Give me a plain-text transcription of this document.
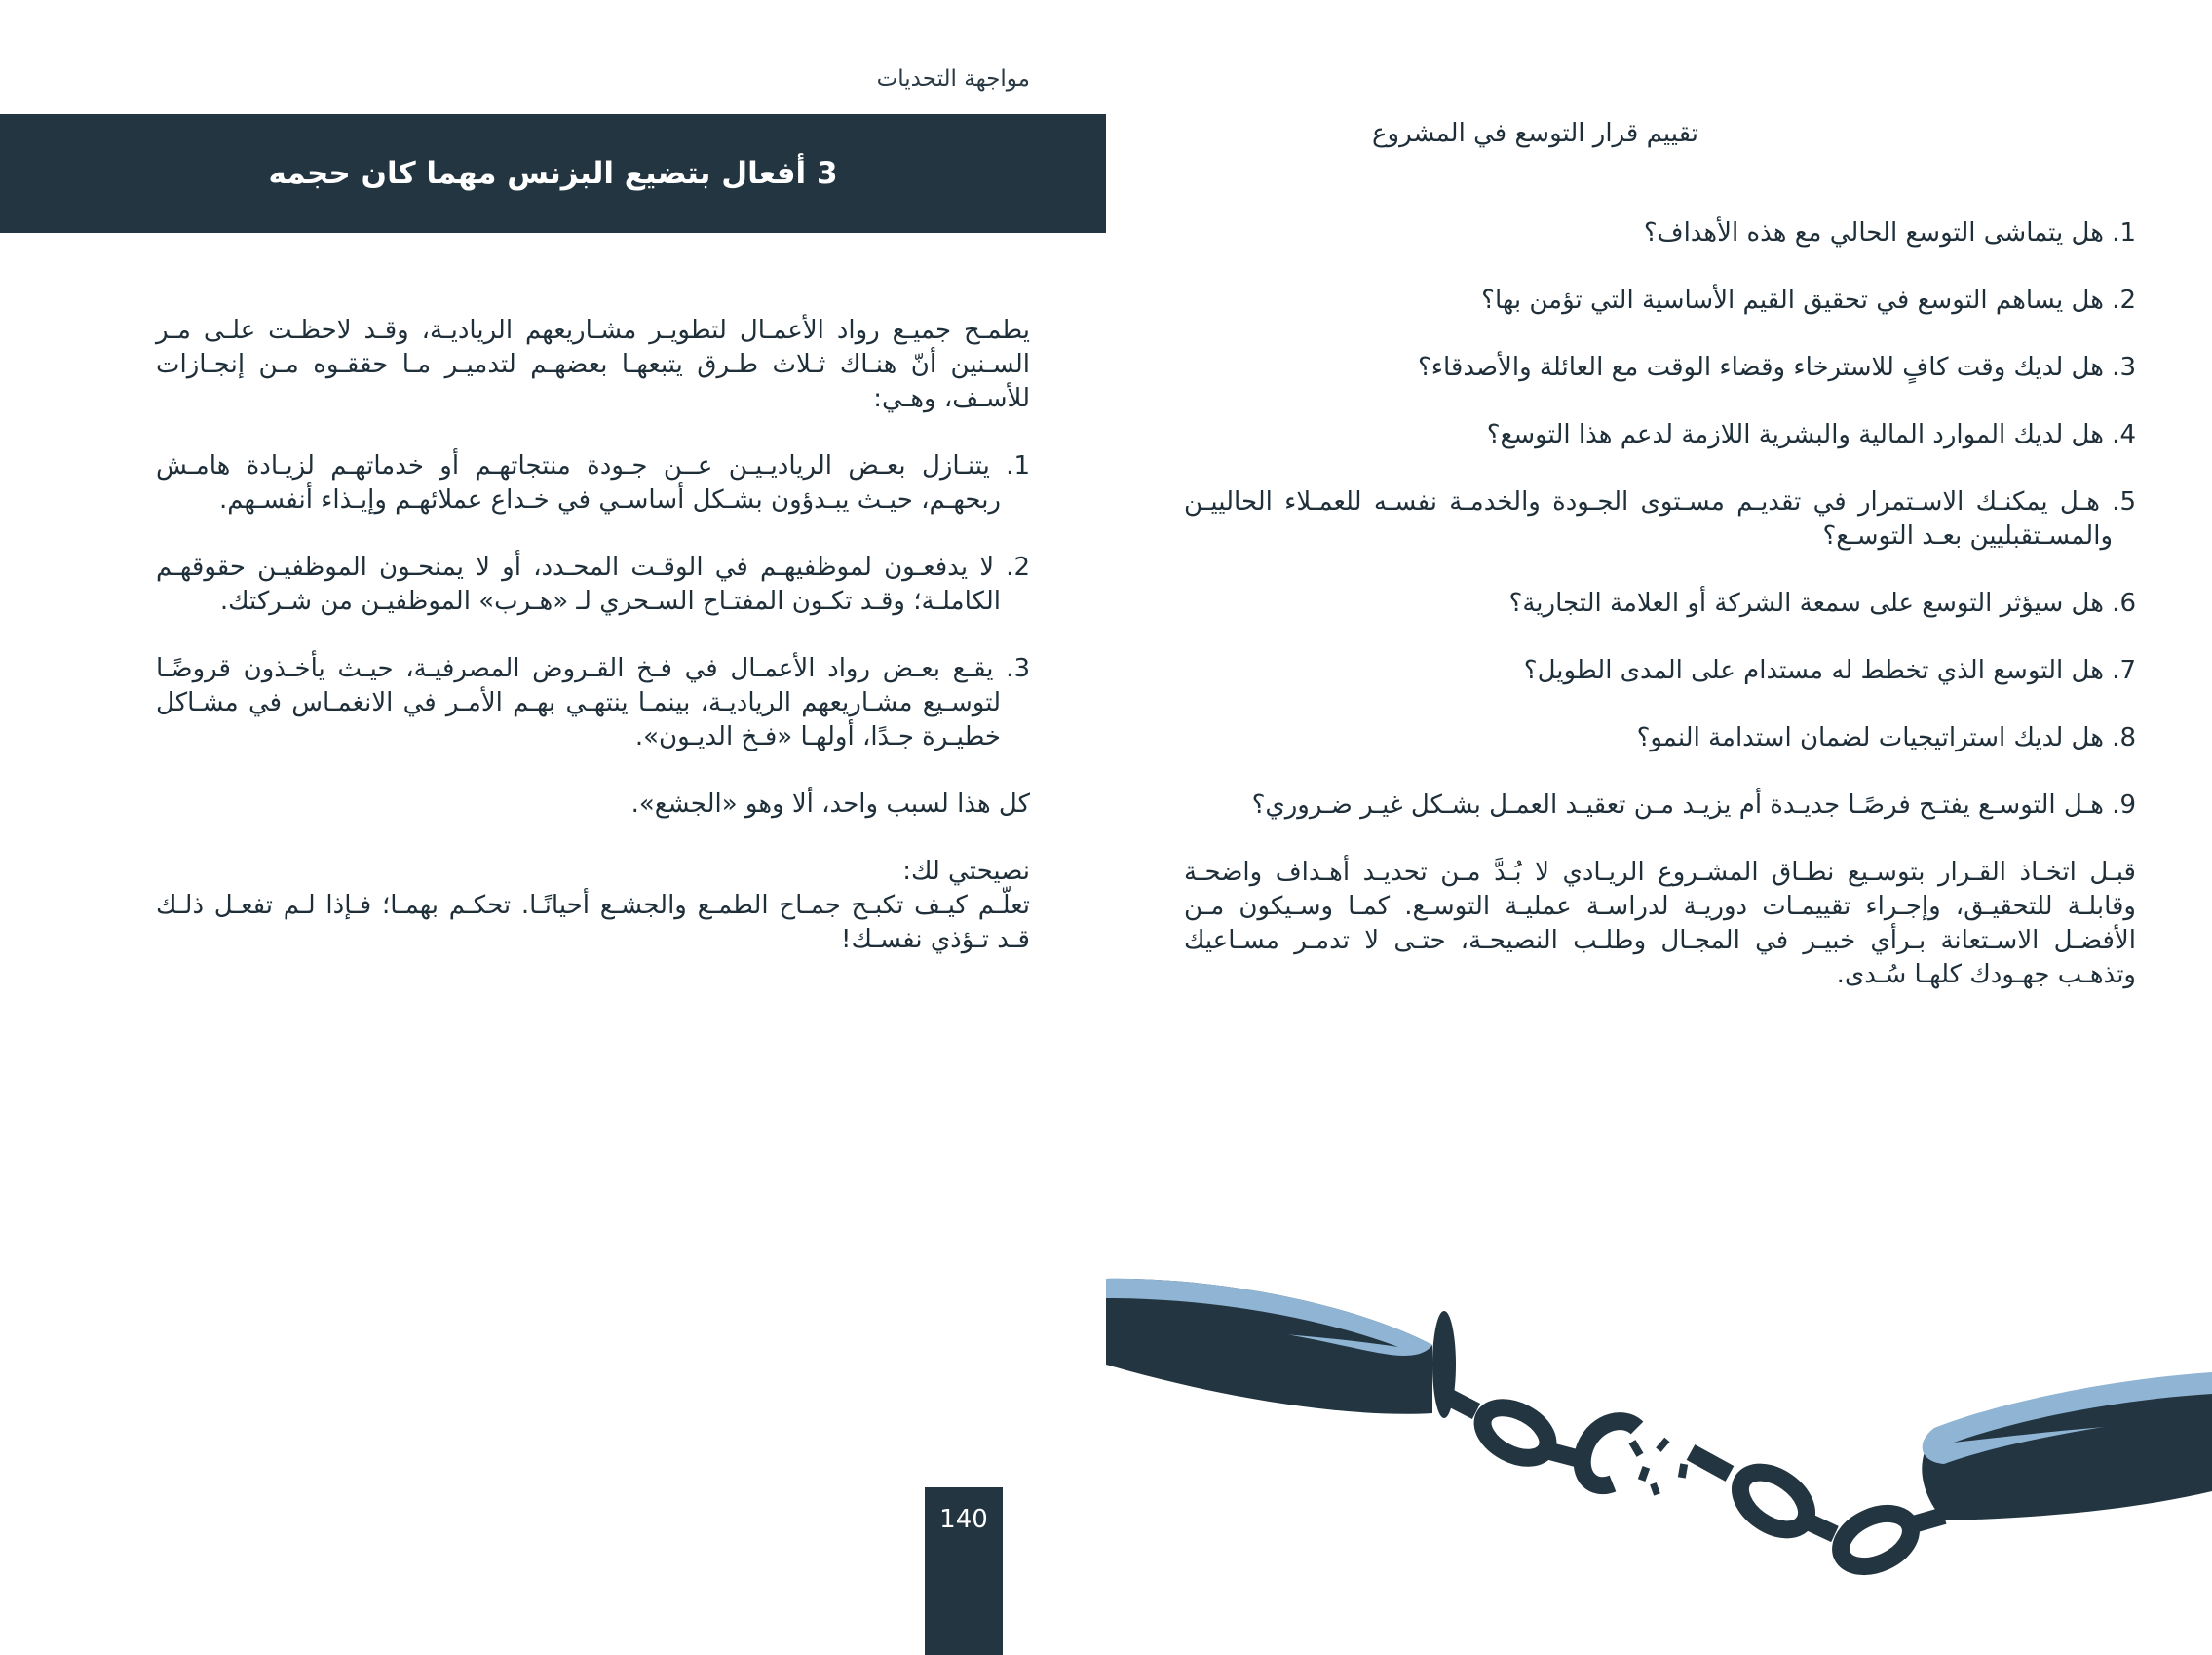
مواجهة التحديات
3 أفعال بتضيع البزنس مهما كان حجمه

يطمـح جميـع رواد الأعمـال لتطويـر مشـاريعهم الرياديـة، وقـد لاحظـت علـى مـر السـنين أنّ هنـاك ثـلاث طـرق يتبعهـا بعضهـم لتدميـر مـا حققـوه مـن إنجـازات للأسـف، وهـي:

1. يتنـازل بعـض الرياديـيـن عــن جـودة منتجاتهـم أو خدماتهـم لزيـادة هامـش ربحهـم، حيـث يبـدؤون بشـكل أساسـي في خـداع عملائهـم وإيـذاء أنفسـهم.

2. لا يدفعـون لموظفيهـم في الوقـت المحـدد، أو لا يمنحـون الموظفيـن حقوقهـم الكاملـة؛ وقـد تكـون المفتـاح السـحري لـ «هـرب» الموظفيـن من شـركتك.

3. يقـع بعـض رواد الأعمـال في فـخ القـروض المصرفيـة، حيـث يأخـذون قروضًـا لتوسـيع مشـاريعهم الرياديـة، بينمـا ينتهـي بهـم الأمـر في الانغمـاس في مشـاكل خطيـرة جـدًا، أولهـا «فـخ الديـون».

كل هذا لسبب واحد، ألا وهو «الجشع».

نصيحتي لك:

تعلّـم كيـف تكبـح جمـاح الطمـع والجشـع أحيانًـا. تحكـم بهمـا؛ فـإذا لـم تفعـل ذلـك قـد تـؤذي نفسـك!

140
تقييم قرار التوسع في المشروع

1. هل يتماشى التوسع الحالي مع هذه الأهداف؟

2. هل يساهم التوسع في تحقيق القيم الأساسية التي تؤمن بها؟

3. هل لديك وقت كافٍ للاسترخاء وقضاء الوقت مع العائلة والأصدقاء؟

4. هل لديك الموارد المالية والبشرية اللازمة لدعم هذا التوسع؟

5. هـل يمكنـك الاسـتمرار في تقديـم مسـتوى الجـودة والخدمـة نفسـه للعمـلاء الحالييـن والمسـتقبليين بعـد التوسـع؟

6. هل سيؤثر التوسع على سمعة الشركة أو العلامة التجارية؟

7. هل التوسع الذي تخطط له مستدام على المدى الطويل؟

8. هل لديك استراتيجيات لضمان استدامة النمو؟

9. هـل التوسـع يفتـح فرصًـا جديـدة أم يزيـد مـن تعقيـد العمـل بشـكل غيـر ضـروري؟

قبـل اتخـاذ القـرار بتوسـيع نطـاق المشـروع الريـادي لا بُـدَّ مـن تحديـد أهـداف واضحـة وقابلـة للتحقيـق، وإجـراء تقييمـات دوريـة لدراسـة عمليـة التوسـع. كمـا وسـيكون مـن الأفضـل الاسـتعانة بـرأي خبيـر في المجـال وطلـب النصيحـة، حتـى لا تدمـر مسـاعيك وتذهـب جهـودك كلهـا سُـدى.
